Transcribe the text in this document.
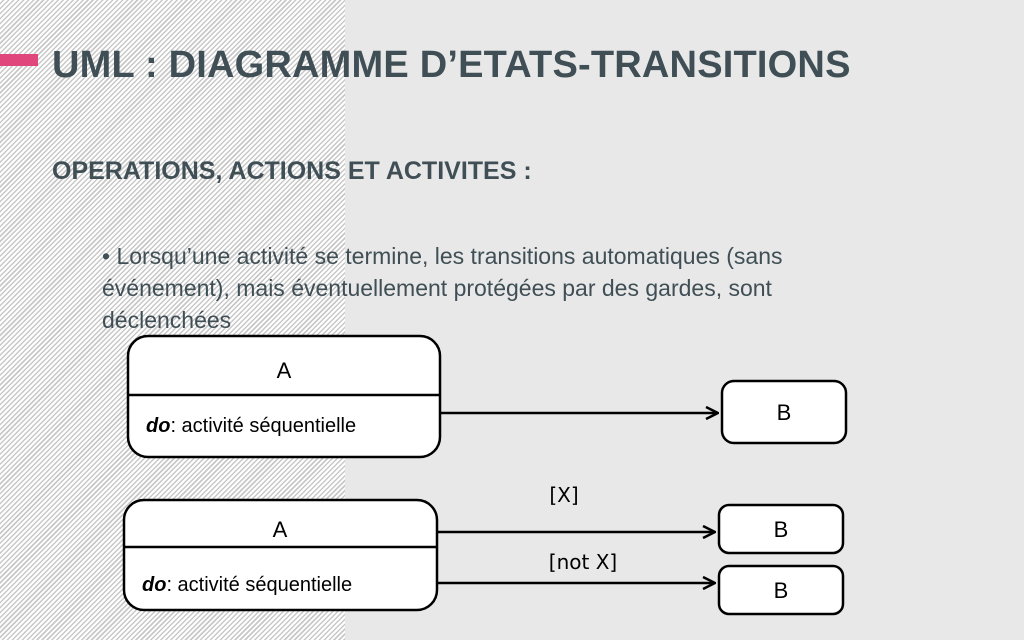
UML : DIAGRAMME D’ETATS-TRANSITIONS
OPERATIONS, ACTIONS ET ACTIVITES :

• Lorsqu’une activité se termine, les transitions automatiques (sans événement), mais éventuellement protégées par des gardes, sont déclenchées

A
do: activité séquentielle
B
A
do: activité séquentielle
[X]
[not X]
B
B
